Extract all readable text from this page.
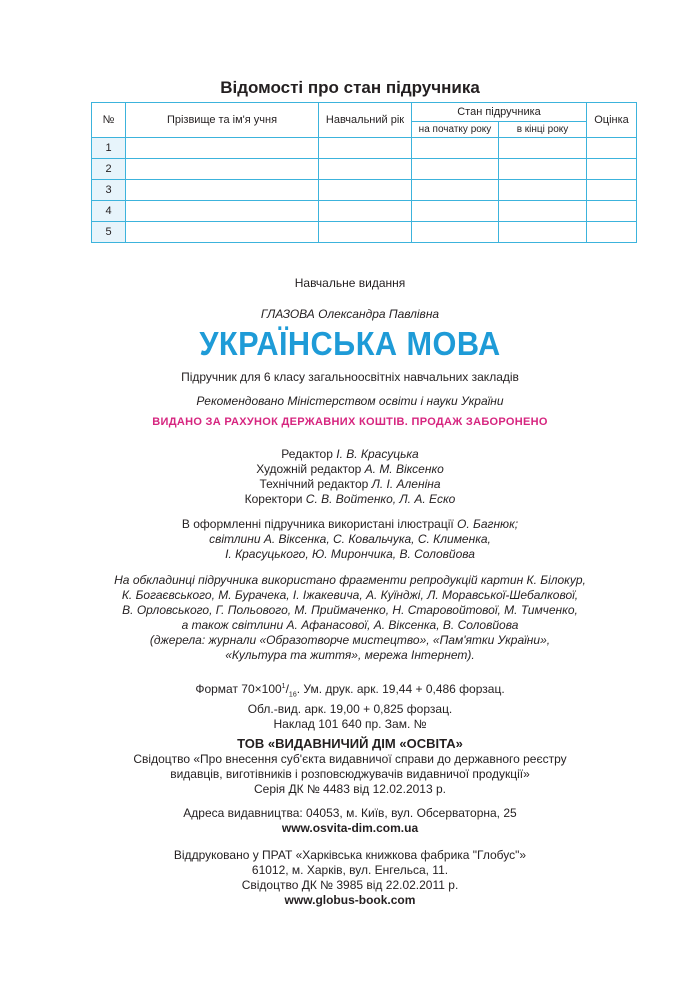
Відомості про стан підручника
№	Прізвище та ім'я учня	Навчальний рік	Стан підручника		Оцінка
			на початку року	в кінці року	
1					
2					
3					
4					
5					
Навчальне видання
ГЛАЗОВА Олександра Павлівна
УКРАЇНСЬКА МОВА
Підручник для 6 класу загальноосвітніх навчальних закладів
Рекомендовано Міністерством освіти і науки України
ВИДАНО ЗА РАХУНОК ДЕРЖАВНИХ КОШТІВ. ПРОДАЖ ЗАБОРОНЕНО
Редактор І. В. Красуцька
Художній редактор А. М. Віксенко
Технічний редактор Л. І. Аленіна
Коректори С. В. Войтенко, Л. А. Еско
В оформленні підручника використані ілюстрації О. Багнюк;
світлини А. Віксенка, С. Ковальчука, С. Клименка,
І. Красуцького, Ю. Мирончика, В. Соловйова
На обкладинці підручника використано фрагменти репродукцій картин К. Білокур,
К. Богаєвського, М. Бурачека, І. Іжакевича, А. Куїнджі, Л. Моравської-Шебалкової,
В. Орловського, Г. Польового, М. Приймаченко, Н. Старовойтової, М. Тимченко,
а також світлини А. Афанасової, А. Віксенка, В. Соловйова
(джерела: журнали «Образотворче мистецтво», «Пам'ятки України»,
«Культура та життя», мережа Інтернет).
Формат $70\times 100^1/_{16}$. Ум. друк. арк. 19,44 + 0,486 форзац.
Обл.-вид. арк. 19,00 + 0,825 форзац.
Наклад 101 640 пр. Зам. №
ТОВ «ВИДАВНИЧИЙ ДІМ «ОСВІТА»
Свідоцтво «Про внесення суб'єкта видавничої справи до державного реєстру
видавців, виготівників і розповсюджувачів видавничої продукції»
Серія ДК № 4483 від 12.02.2013 р.
Адреса видавництва: 04053, м. Київ, вул. Обсерваторна, 25
www.osvita-dim.com.ua
Віддруковано у ПРАТ «Харківська книжкова фабрика "Глобус"»
61012, м. Харків, вул. Енгельса, 11.
Свідоцтво ДК № 3985 від 22.02.2011 р.
www.globus-book.com
